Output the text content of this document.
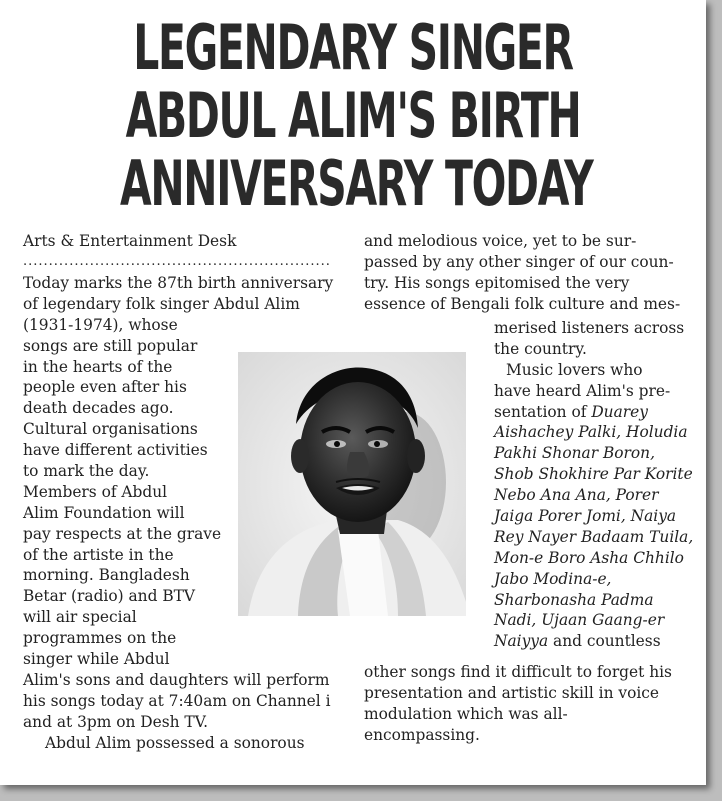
LEGENDARY SINGER
ABDUL ALIM'S BIRTH
ANNIVERSARY TODAY
Arts & Entertainment Desk
............................................................
Today marks the 87th birth anniversary
of legendary folk singer Abdul Alim
(1931-1974), whose
songs are still popular
in the hearts of the
people even after his
death decades ago.
Cultural organisations
have different activities
to mark the day.
Members of Abdul
Alim Foundation will
pay respects at the grave
of the artiste in the
morning. Bangladesh
Betar (radio) and BTV
will air special
programmes on the
singer while Abdul
Alim's sons and daughters will perform
his songs today at 7:40am on Channel i
and at 3pm on Desh TV.
Abdul Alim possessed a sonorous
and melodious voice, yet to be sur-
passed by any other singer of our coun-
try. His songs epitomised the very
essence of Bengali folk culture and mes-
merised listeners across
the country.
Music lovers who
have heard Alim's pre-
sentation of Duarey
Aishachey Palki, Holudia
Pakhi Shonar Boron,
Shob Shokhire Par Korite
Nebo Ana Ana, Porer
Jaiga Porer Jomi, Naiya
Rey Nayer Badaam Tuila,
Mon-e Boro Asha Chhilo
Jabo Modina-e,
Sharbonasha Padma
Nadi, Ujaan Gaang-er
Naiyya and countless
other songs find it difficult to forget his
presentation and artistic skill in voice
modulation which was all-
encompassing.
